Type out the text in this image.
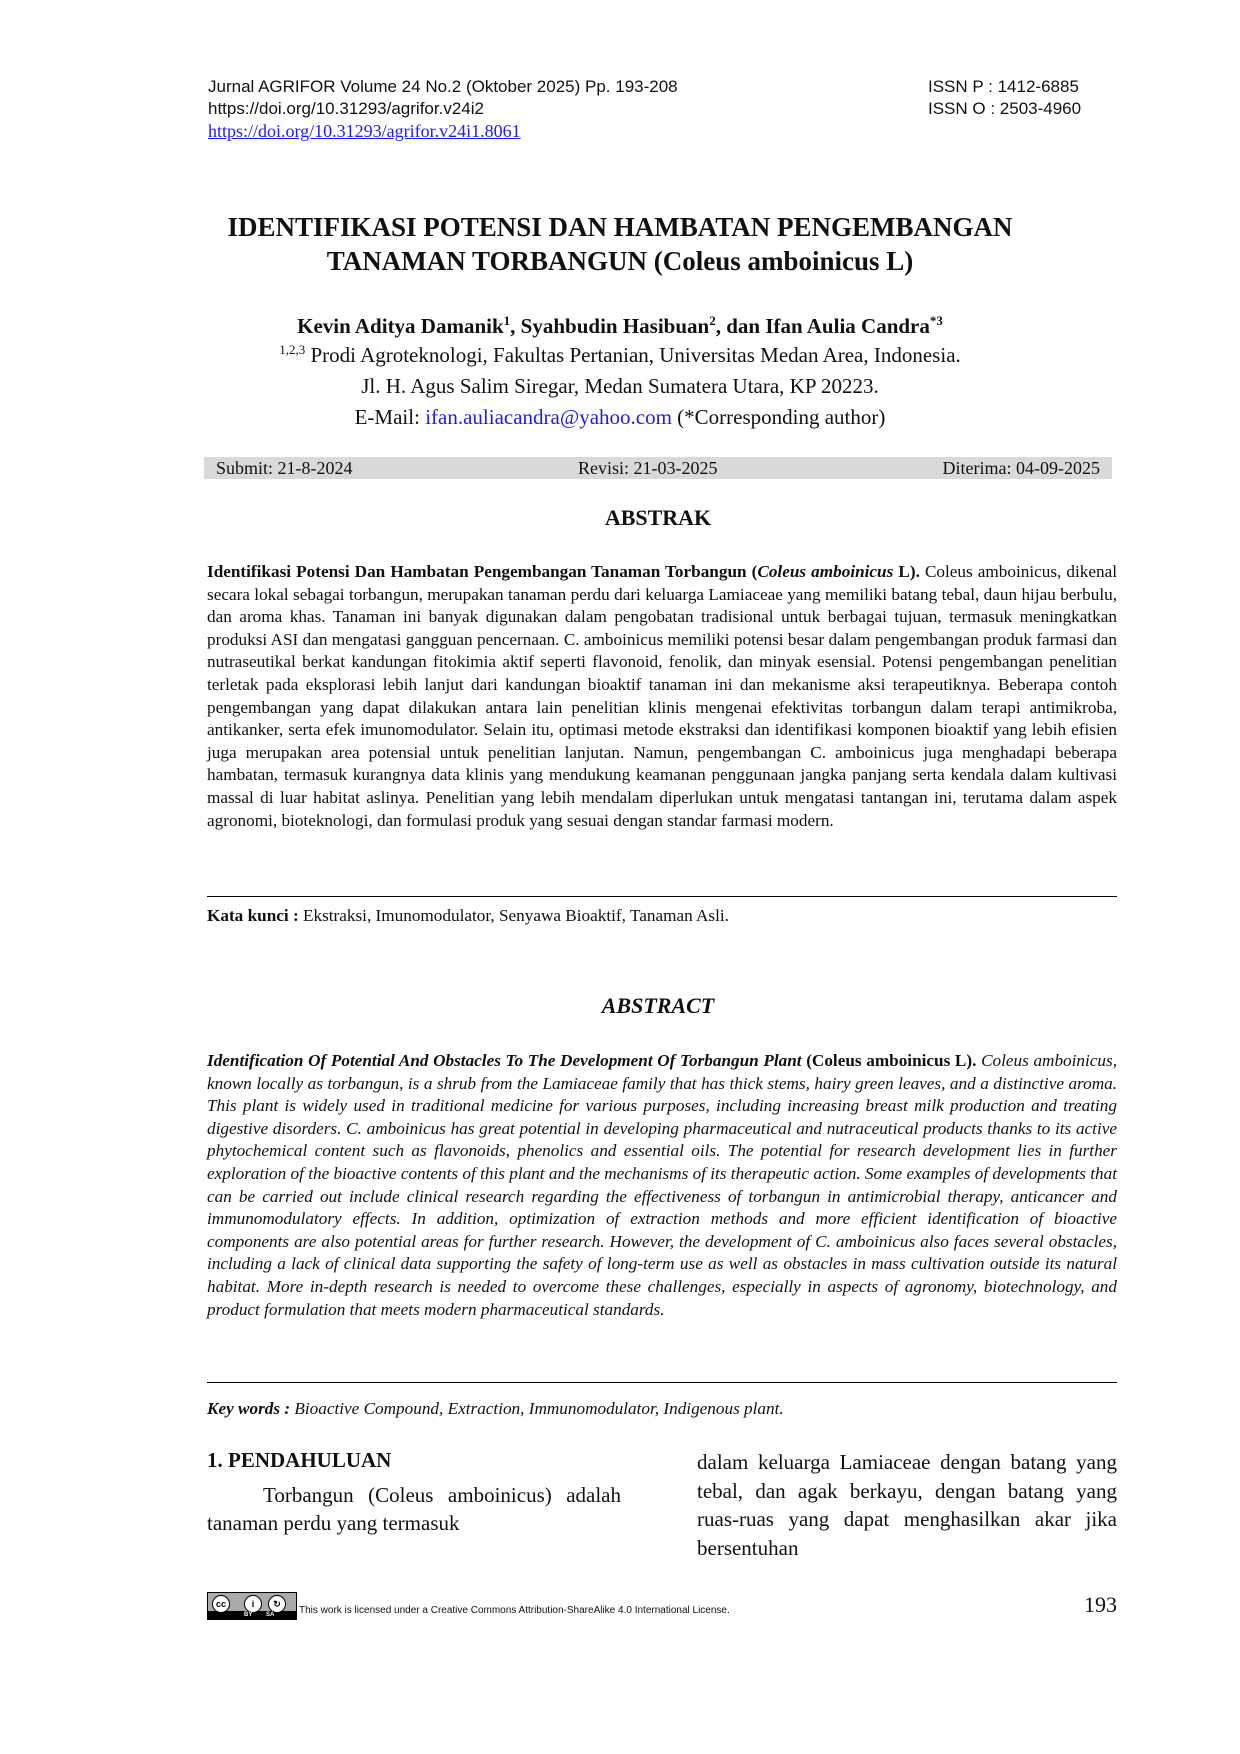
Jurnal AGRIFOR Volume 24 No.2 (Oktober 2025) Pp. 193-208
https://doi.org/10.31293/agrifor.v24i2
https://doi.org/10.31293/agrifor.v24i1.8061
ISSN P : 1412-6885
ISSN O : 2503-4960
IDENTIFIKASI POTENSI DAN HAMBATAN PENGEMBANGAN
TANAMAN TORBANGUN (Coleus amboinicus L)
Kevin Aditya Damanik$^1$, Syahbudin Hasibuan$^2$, dan Ifan Aulia Candra$^{*3}$
$^{1,2,3}$ Prodi Agroteknologi, Fakultas Pertanian, Universitas Medan Area, Indonesia.
Jl. H. Agus Salim Siregar, Medan Sumatera Utara, KP 20223.
E-Mail: ifan.auliacandra@yahoo.com (*Corresponding author)
Submit: 21-8-2024	Revisi: 21-03-2025	Diterima: 04-09-2025
ABSTRAK
Identifikasi Potensi Dan Hambatan Pengembangan Tanaman Torbangun (Coleus amboinicus L). Coleus amboinicus, dikenal secara lokal sebagai torbangun, merupakan tanaman perdu dari keluarga Lamiaceae yang memiliki batang tebal, daun hijau berbulu, dan aroma khas. Tanaman ini banyak digunakan dalam pengobatan tradisional untuk berbagai tujuan, termasuk meningkatkan produksi ASI dan mengatasi gangguan pencernaan. C. amboinicus memiliki potensi besar dalam pengembangan produk farmasi dan nutraseutikal berkat kandungan fitokimia aktif seperti flavonoid, fenolik, dan minyak esensial. Potensi pengembangan penelitian terletak pada eksplorasi lebih lanjut dari kandungan bioaktif tanaman ini dan mekanisme aksi terapeutiknya. Beberapa contoh pengembangan yang dapat dilakukan antara lain penelitian klinis mengenai efektivitas torbangun dalam terapi antimikroba, antikanker, serta efek imunomodulator. Selain itu, optimasi metode ekstraksi dan identifikasi komponen bioaktif yang lebih efisien juga merupakan area potensial untuk penelitian lanjutan. Namun, pengembangan C. amboinicus juga menghadapi beberapa hambatan, termasuk kurangnya data klinis yang mendukung keamanan penggunaan jangka panjang serta kendala dalam kultivasi massal di luar habitat aslinya. Penelitian yang lebih mendalam diperlukan untuk mengatasi tantangan ini, terutama dalam aspek agronomi, bioteknologi, dan formulasi produk yang sesuai dengan standar farmasi modern.
Kata kunci : Ekstraksi, Imunomodulator, Senyawa Bioaktif, Tanaman Asli.
ABSTRACT
Identification Of Potential And Obstacles To The Development Of Torbangun Plant (Coleus amboinicus L). Coleus amboinicus, known locally as torbangun, is a shrub from the Lamiaceae family that has thick stems, hairy green leaves, and a distinctive aroma. This plant is widely used in traditional medicine for various purposes, including increasing breast milk production and treating digestive disorders. C. amboinicus has great potential in developing pharmaceutical and nutraceutical products thanks to its active phytochemical content such as flavonoids, phenolics and essential oils. The potential for research development lies in further exploration of the bioactive contents of this plant and the mechanisms of its therapeutic action. Some examples of developments that can be carried out include clinical research regarding the effectiveness of torbangun in antimicrobial therapy, anticancer and immunomodulatory effects. In addition, optimization of extraction methods and more efficient identification of bioactive components are also potential areas for further research. However, the development of C. amboinicus also faces several obstacles, including a lack of clinical data supporting the safety of long-term use as well as obstacles in mass cultivation outside its natural habitat. More in-depth research is needed to overcome these challenges, especially in aspects of agronomy, biotechnology, and product formulation that meets modern pharmaceutical standards.
Key words : Bioactive Compound, Extraction, Immunomodulator, Indigenous plant.
1. PENDAHULUAN
Torbangun (Coleus amboinicus) adalah tanaman perdu yang termasuk
dalam keluarga Lamiaceae dengan batang yang tebal, dan agak berkayu, dengan batang yang ruas-ruas yang dapat menghasilkan akar jika bersentuhan
cc	i	↻
BY SA This work is licensed under a Creative Commons Attribution-ShareAlike 4.0 International License.	193
